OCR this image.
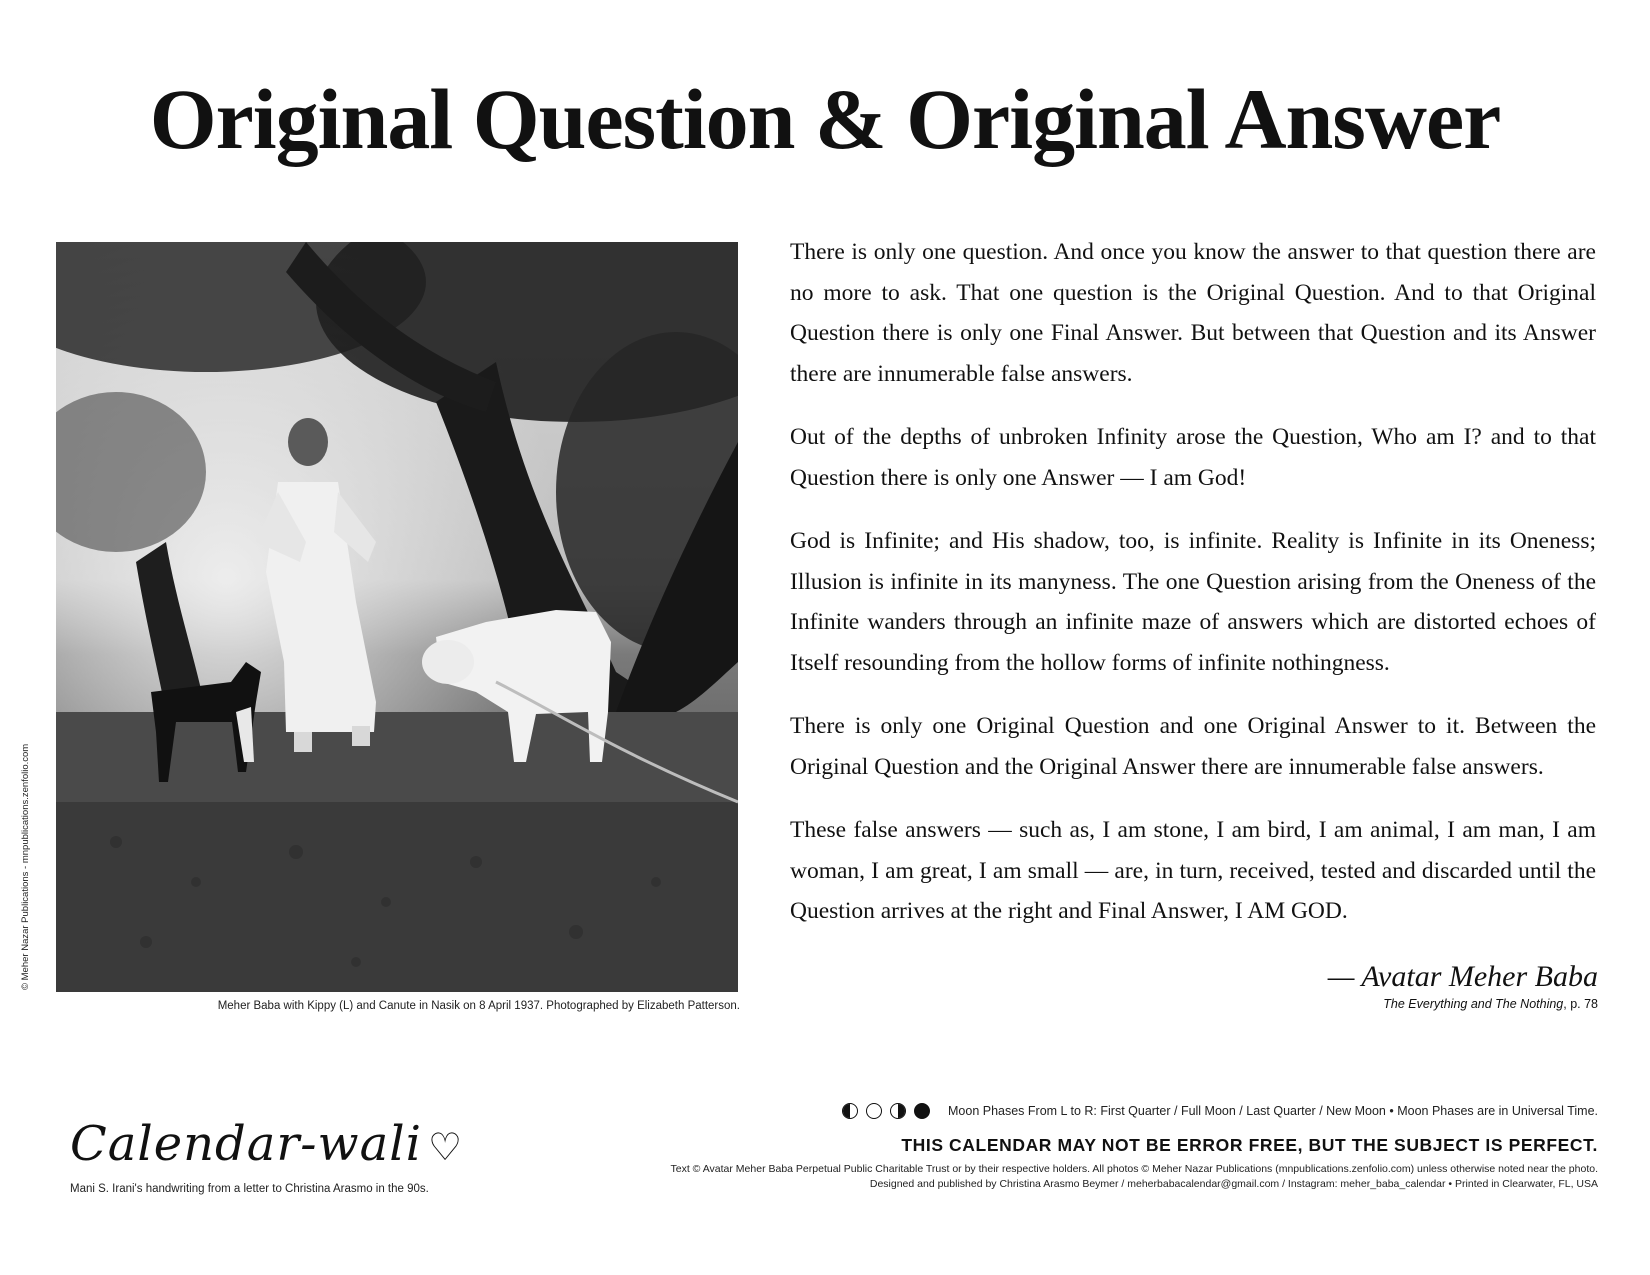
Original Question & Original Answer
© Meher Nazar Publications - mnpublications.zenfolio.com
Meher Baba with Kippy (L) and Canute in Nasik on 8 April 1937. Photographed by Elizabeth Patterson.

There is only one question. And once you know the answer to that question there are no more to ask. That one question is the Original Question. And to that Original Question there is only one Final Answer. But between that Question and its Answer there are innumerable false answers.

Out of the depths of unbroken Infinity arose the Question, Who am I? and to that Question there is only one Answer — I am God!

God is Infinite; and His shadow, too, is infinite. Reality is Infinite in its Oneness; Illusion is infinite in its manyness. The one Question arising from the Oneness of the Infinite wanders through an infinite maze of answers which are distorted echoes of Itself resounding from the hollow forms of infinite nothingness.

There is only one Original Question and one Original Answer to it. Between the Original Question and the Original Answer there are innumerable false answers.

These false answers — such as, I am stone, I am bird, I am animal, I am man, I am woman, I am great, I am small — are, in turn, received, tested and discarded until the Question arrives at the right and Final Answer, I AM GOD.

— Avatar Meher Baba
The Everything and The Nothing, p. 78
Calendar-wali ♡
Mani S. Irani's handwriting from a letter to Christina Arasmo in the 90s.
Moon Phases From L to R: First Quarter / Full Moon / Last Quarter / New Moon • Moon Phases are in Universal Time.
THIS CALENDAR MAY NOT BE ERROR FREE, BUT THE SUBJECT IS PERFECT.
Text © Avatar Meher Baba Perpetual Public Charitable Trust or by their respective holders. All photos © Meher Nazar Publications (mnpublications.zenfolio.com) unless otherwise noted near the photo.
Designed and published by Christina Arasmo Beymer / meherbabacalendar@gmail.com / Instagram: meher_baba_calendar • Printed in Clearwater, FL, USA
